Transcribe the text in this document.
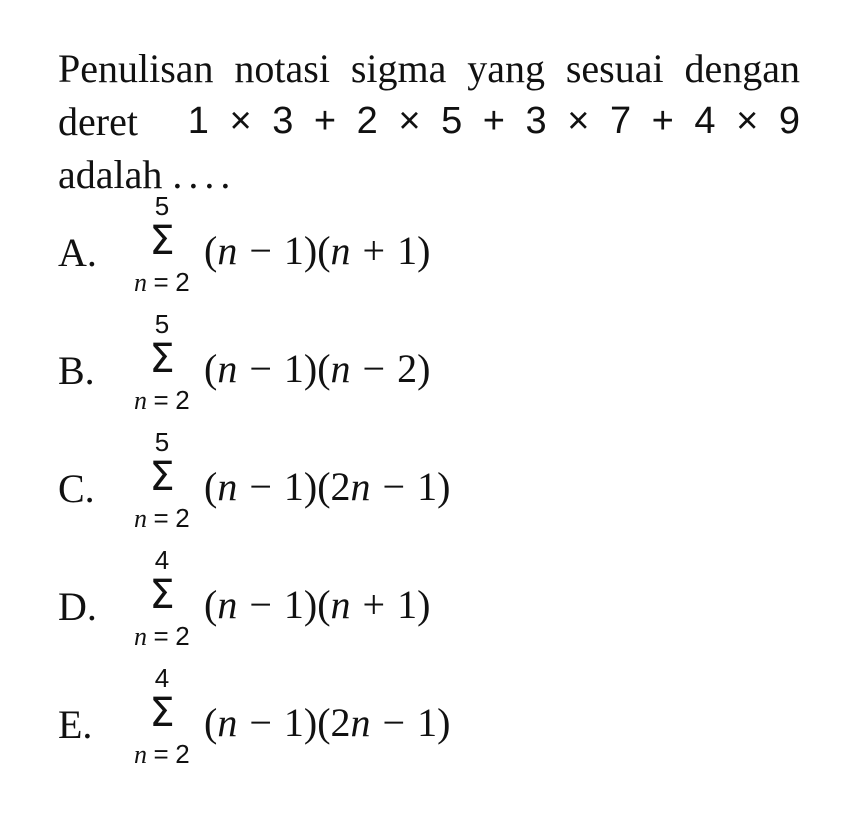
Penulisan notasi sigma yang sesuai dengan
deret 1 × 3 + 2 × 5 + 3 × 7 + 4 × 9
adalah ....
A.
5
Σ
n = 2
(n − 1)(n + 1)
B.
5
Σ
n = 2
(n − 1)(n − 2)
C.
5
Σ
n = 2
(n − 1)(2n − 1)
D.
4
Σ
n = 2
(n − 1)(n + 1)
E.
4
Σ
n = 2
(n − 1)(2n − 1)
